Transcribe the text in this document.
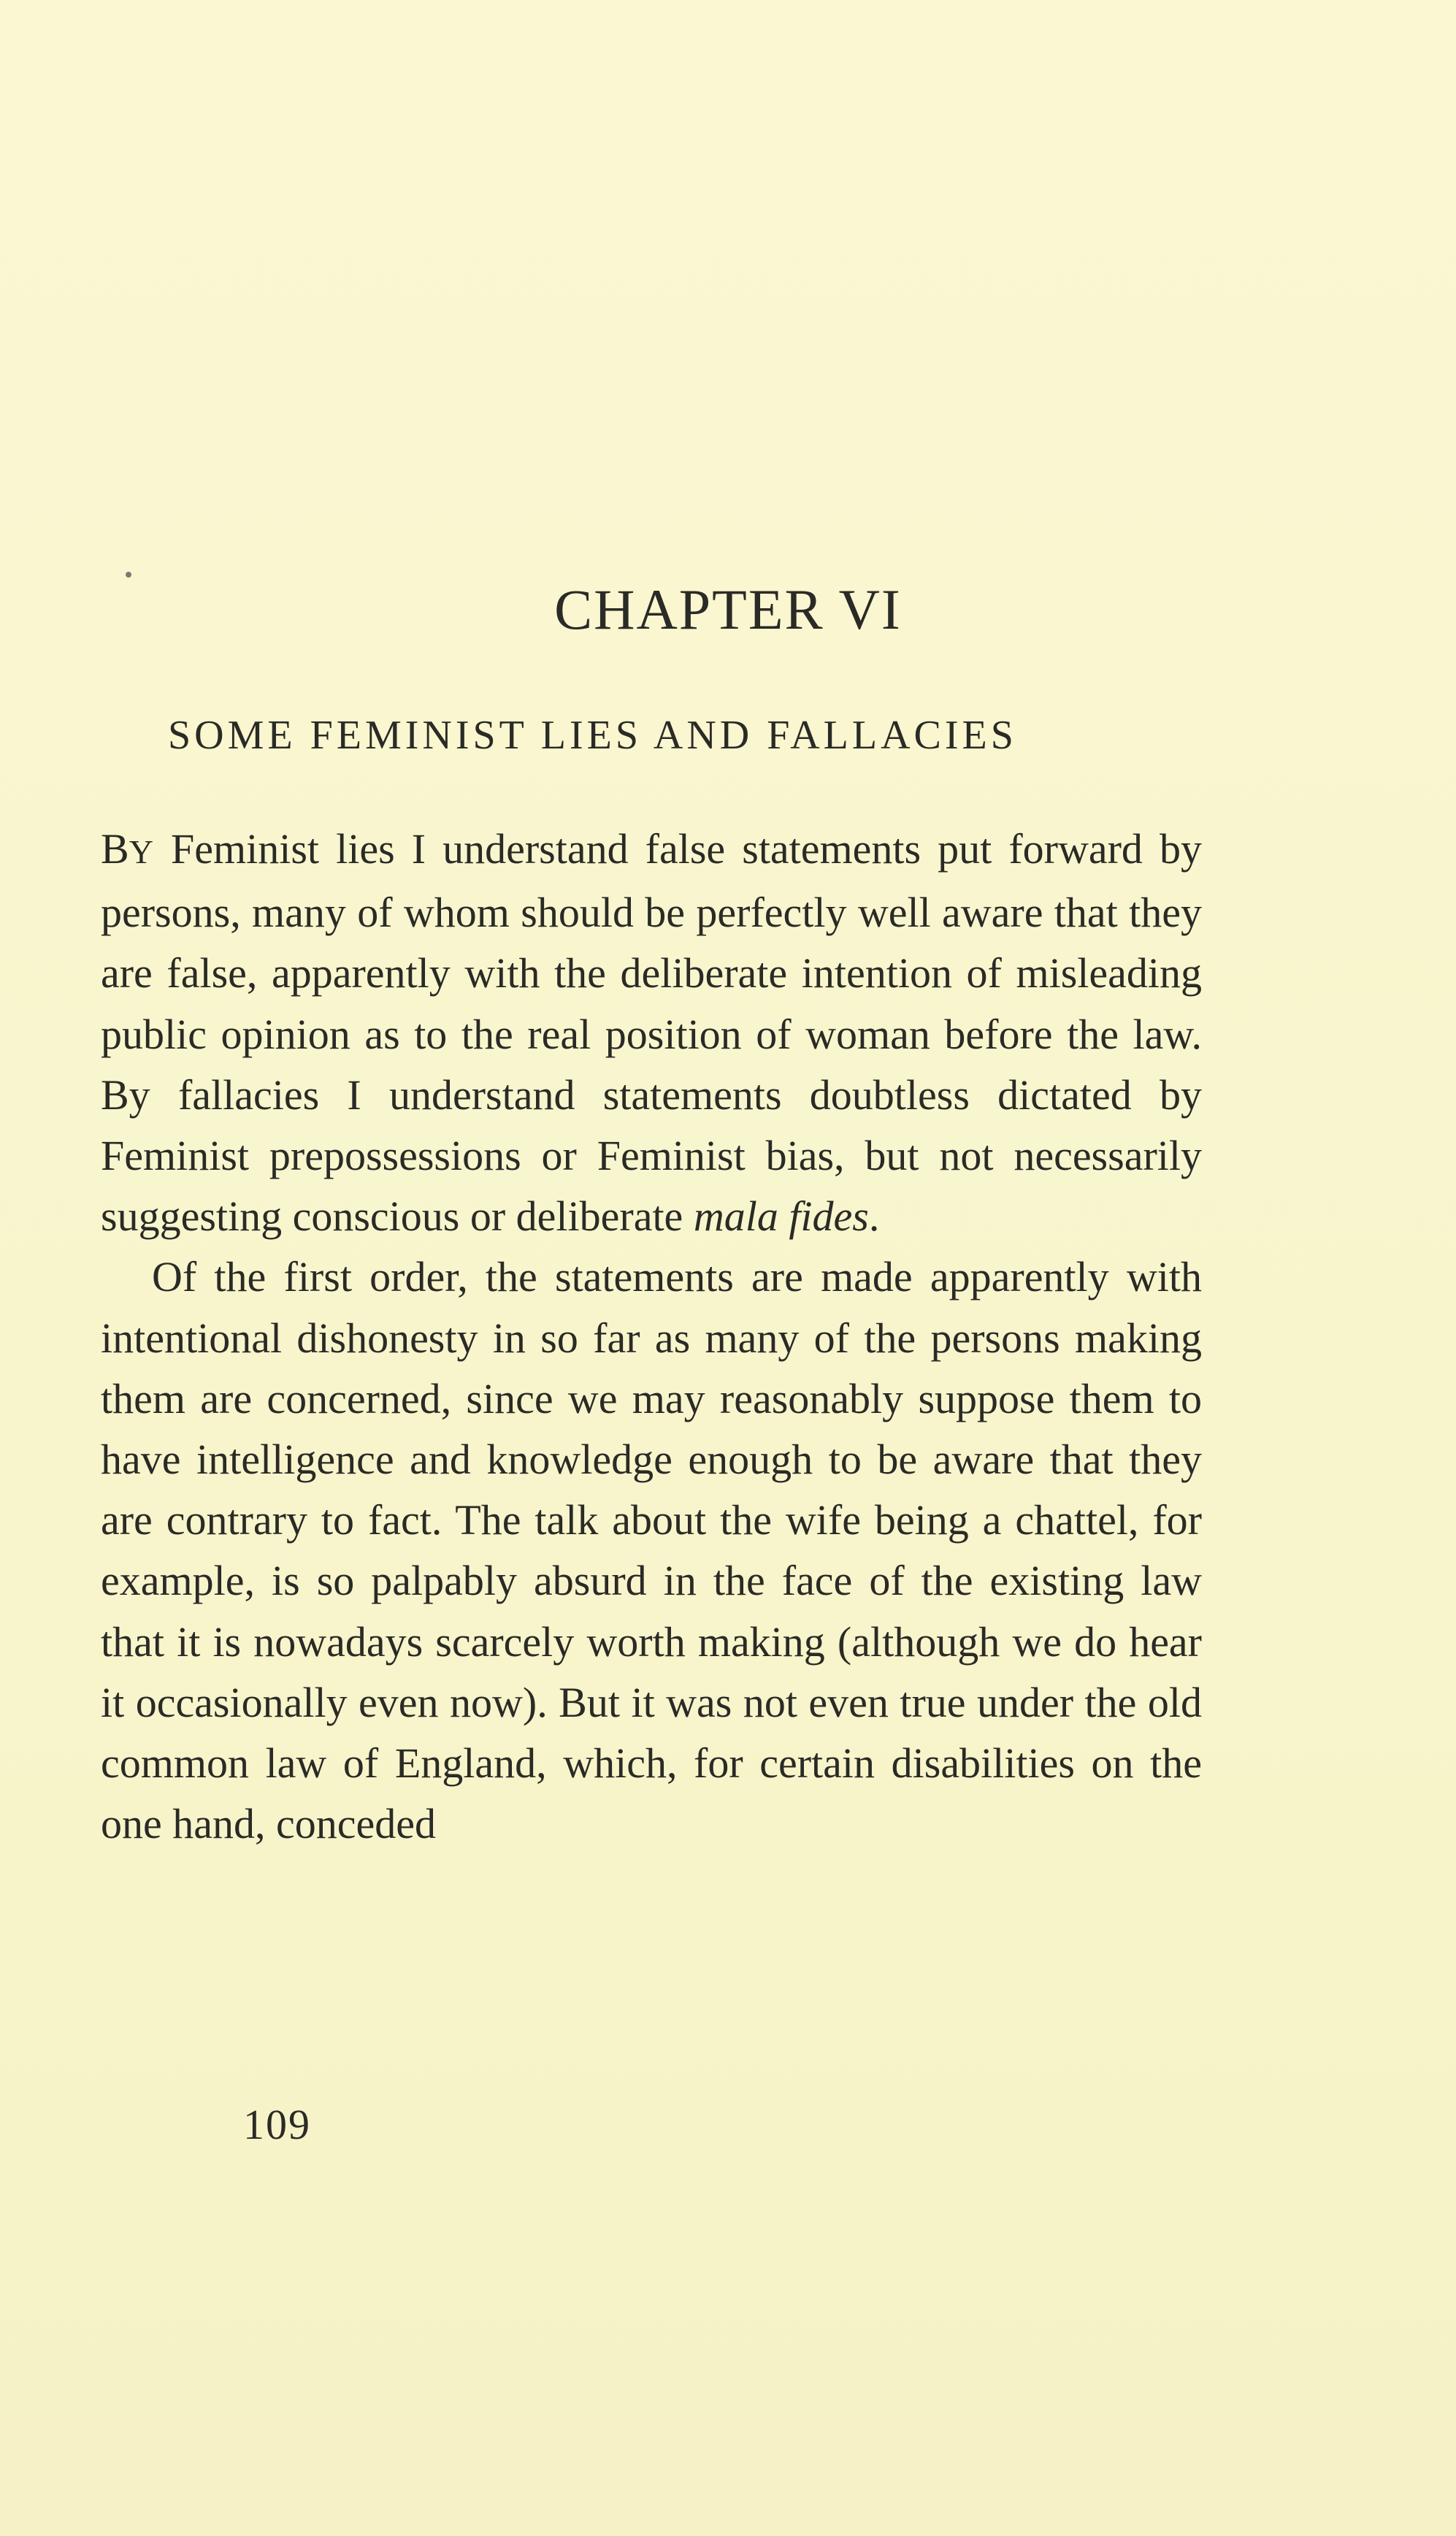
CHAPTER VI
SOME FEMINIST LIES AND FALLACIES

BY Feminist lies I understand false statements put forward by persons, many of whom should be perfectly well aware that they are false, apparently with the deliberate intention of misleading public opinion as to the real position of woman before the law. By fallacies I understand statements doubtless dictated by Feminist prepossessions or Feminist bias, but not necessarily suggesting conscious or deliberate mala fides.

Of the first order, the statements are made apparently with intentional dishonesty in so far as many of the persons making them are concerned, since we may reasonably suppose them to have intelligence and knowledge enough to be aware that they are contrary to fact. The talk about the wife being a chattel, for example, is so palpably absurd in the face of the existing law that it is nowadays scarcely worth making (although we do hear it occasionally even now). But it was not even true under the old common law of England, which, for certain disabilities on the one hand, conceded

109
